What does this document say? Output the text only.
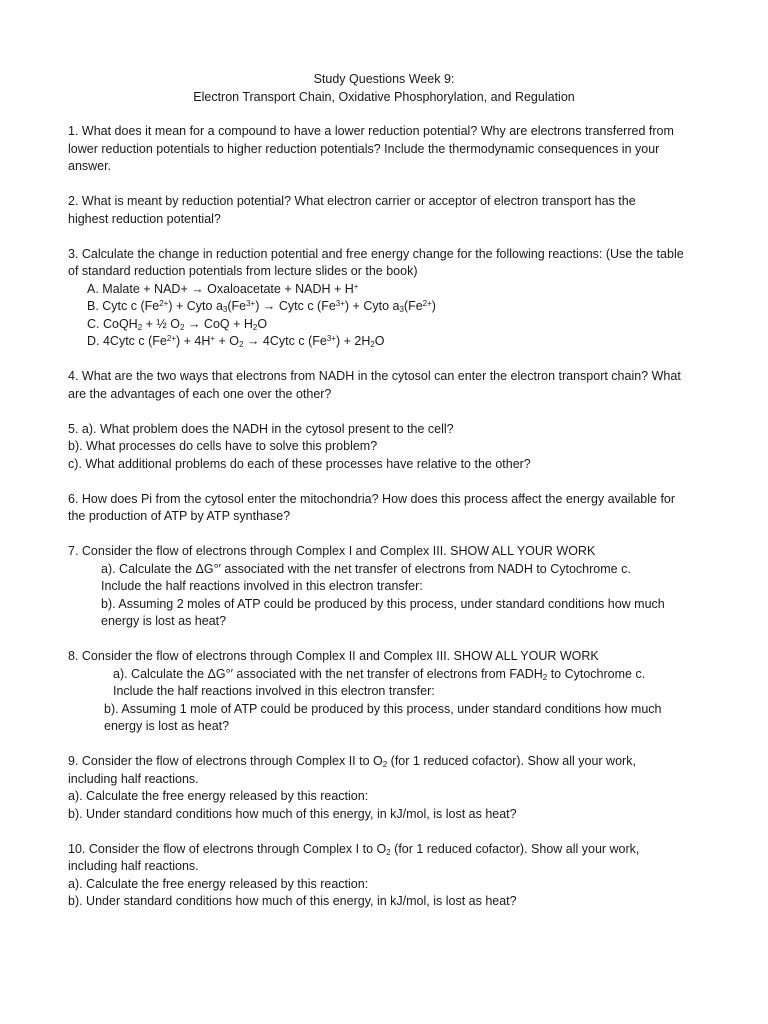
Study Questions Week 9:

Electron Transport Chain, Oxidative Phosphorylation, and Regulation

1. What does it mean for a compound to have a lower reduction potential? Why are electrons transferred from

lower reduction potentials to higher reduction potentials? Include the thermodynamic consequences in your

answer.

2. What is meant by reduction potential? What electron carrier or acceptor of electron transport has the

highest reduction potential?

3. Calculate the change in reduction potential and free energy change for the following reactions: (Use the table

of standard reduction potentials from lecture slides or the book)

A. Malate + NAD+ → Oxaloacetate + NADH + H+

B. Cytc c $(Fe^{2+})$ + Cyto $a_3(Fe^{3+})$ → Cytc c $(Fe^{3+})$ + Cyto $a_3(Fe^{2+})$

C. CoQH$_2$ + ½ $O_2$ → CoQ + $H_2O$

D. 4Cytc c $(Fe^{2+}) + 4H^+ + O_2$ → 4Cytc c $(Fe^{3+}) + 2H_2O$

4. What are the two ways that electrons from NADH in the cytosol can enter the electron transport chain? What

are the advantages of each one over the other?

5. a). What problem does the NADH in the cytosol present to the cell?

b). What processes do cells have to solve this problem?

c). What additional problems do each of these processes have relative to the other?

6. How does Pi from the cytosol enter the mitochondria? How does this process affect the energy available for

the production of ATP by ATP synthase?

7. Consider the flow of electrons through Complex I and Complex III. SHOW ALL YOUR WORK

a). Calculate the ΔG°′ associated with the net transfer of electrons from NADH to Cytochrome c.

Include the half reactions involved in this electron transfer:

b). Assuming 2 moles of ATP could be produced by this process, under standard conditions how much

energy is lost as heat?

8. Consider the flow of electrons through Complex II and Complex III. SHOW ALL YOUR WORK

a). Calculate the ΔG°′ associated with the net transfer of electrons from $FADH_2$ to Cytochrome c.

Include the half reactions involved in this electron transfer:

b). Assuming 1 mole of ATP could be produced by this process, under standard conditions how much

energy is lost as heat?

9. Consider the flow of electrons through Complex II to $O_2$ (for 1 reduced cofactor). Show all your work,

including half reactions.

a). Calculate the free energy released by this reaction:

b). Under standard conditions how much of this energy, in kJ/mol, is lost as heat?

10. Consider the flow of electrons through Complex I to $O_2$ (for 1 reduced cofactor). Show all your work,

including half reactions.

a). Calculate the free energy released by this reaction:

b). Under standard conditions how much of this energy, in kJ/mol, is lost as heat?
